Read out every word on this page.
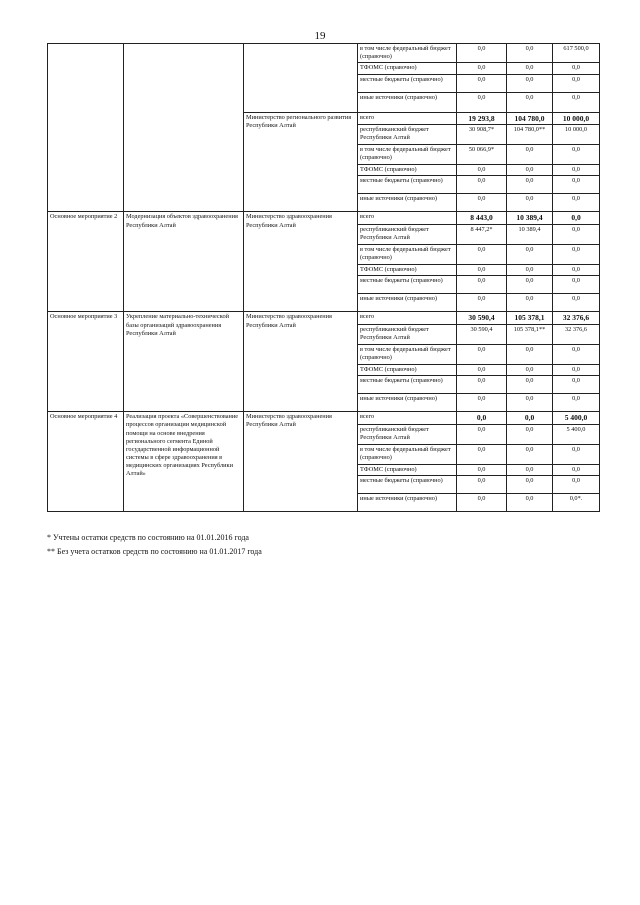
19
			в том числе федеральный бюджет (справочно)	0,0	0,0	617 500,0
			ТФОМС (справочно)	0,0	0,0	0,0
			местные бюджеты (справочно)	0,0	0,0	0,0
			иные источники (справочно)	0,0	0,0	0,0
		Министерство регионального развития Республики Алтай	всего	19 293,8	104 780,0	10 000,0
			республиканский бюджет Республики Алтай	30 908,7*	104 780,0**	10 000,0
			в том числе федеральный бюджет (справочно)	50 066,9*	0,0	0,0
			ТФОМС (справочно)	0,0	0,0	0,0
			местные бюджеты (справочно)	0,0	0,0	0,0
			иные источники (справочно)	0,0	0,0	0,0
Основное мероприятие 2	Модернизация объектов здравоохранения Республики Алтай	Министерство здравоохранения Республики Алтай	всего	8 443,0	10 389,4	0,0
			республиканский бюджет Республики Алтай	8 447,2*	10 389,4	0,0
			в том числе федеральный бюджет (справочно)	0,0	0,0	0,0
			ТФОМС (справочно)	0,0	0,0	0,0
			местные бюджеты (справочно)	0,0	0,0	0,0
			иные источники (справочно)	0,0	0,0	0,0
Основное мероприятие 3	Укрепление материально-технической базы организаций здравоохранения Республики Алтай	Министерство здравоохранения Республики Алтай	всего	30 590,4	105 378,1	32 376,6
			республиканский бюджет Республики Алтай	30 590,4	105 378,1**	32 376,6
			в том числе федеральный бюджет (справочно)	0,0	0,0	0,0
			ТФОМС (справочно)	0,0	0,0	0,0
			местные бюджеты (справочно)	0,0	0,0	0,0
			иные источники (справочно)	0,0	0,0	0,0
Основное мероприятие 4	Реализация проекта «Совершенствование процессов организации медицинской помощи на основе внедрения регионального сегмента Единой государственной информационной системы в сфере здравоохранения в медицинских организациях Республики Алтай»	Министерство здравоохранения Республики Алтай	всего	0,0	0,0	5 400,0
			республиканский бюджет Республики Алтай	0,0	0,0	5 400,0
			в том числе федеральный бюджет (справочно)	0,0	0,0	0,0
			ТФОМС (справочно)	0,0	0,0	0,0
			местные бюджеты (справочно)	0,0	0,0	0,0
			иные источники (справочно)	0,0	0,0	0,0*.
* Учтены остатки средств по состоянию на 01.01.2016 года
** Без учета остатков средств по состоянию на 01.01.2017 года
